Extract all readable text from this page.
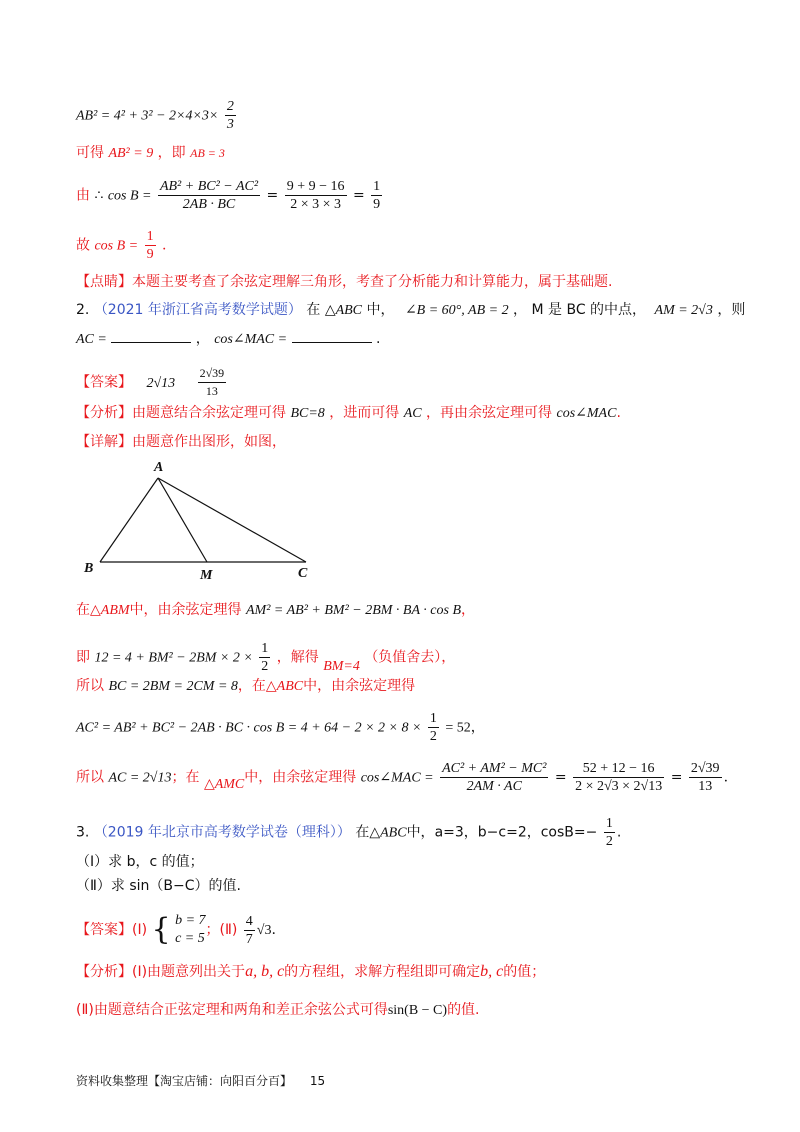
$AB^2 = 4^2 + 3^2 - 2\times 4\times 3\times \frac{2}{3}$
可得 AB² = 9 ，即 AB = 3
由 ∴ $\cos B = \frac{\text{AB² + BC² − AC²}}{2AB \cdot BC} = \frac{9 + 9 - 16}{2 \times 3 \times 3} = \frac{1}{9}$
故 $\cos B = \frac{1}{9}$ .
【点睛】本题主要考查了余弦定理解三角形，考查了分析能力和计算能力，属于基础题.
2. （2021 年浙江省高考数学试题） 在 △ABC 中， ∠B = 60°, AB = 2 ， M 是 BC 的中点， AM = 2√3 ，则
AC =	， cos∠MAC =	.
【答案】 $2√13 \frac{2√39}{13}$
【分析】由题意结合余弦定理可得 BC=8 ，进而可得 AC ，再由余弦定理可得 cos∠MAC.
【详解】由题意作出图形，如图，
A
B	M	C
在△ABM中，由余弦定理得 AM² = AB² + BM² − 2BM · BA · cos B，
即 $12 = 4 + BM^2 - 2BM \times 2 \times \frac{1}{2}$ ，解得 BM=4 （负值舍去），
所以 BC = 2BM = 2CM = 8，在△ABC中，由余弦定理得
AC² = AB² + BC² − 2AB · BC · $\cos B = 4 + 64 - 2 \times 2 \times 8 \times \frac{1}{2} = 52$，
所以 AC = 2√13；在 △AMC中，由余弦定理得 cos∠MAC = $\frac{\text{AC² + AM² − MC²}}{2AM \cdot AC} = \frac{52 + 12 - 16}{2 \times 2√3 \times 2√13} = \frac{2√39}{13}$ .
3. （2019 年北京市高考数学试卷（理科）） 在△ABC中，a=3，b−c=2，$\cos B=- \frac{1}{2}$ .
（Ⅰ）求 b，c 的值；
（Ⅱ）求 sin（B−C）的值.
【答案】(Ⅰ) { b = 7
c = 5
；(Ⅱ) $\frac{4}{7} √3$.
【分析】(Ⅰ)由题意列出关于a, b, c的方程组，求解方程组即可确定b, c的值；
(Ⅱ)由题意结合正弦定理和两角和差正余弦公式可得sin(B − C)的值.
资料收集整理【淘宝店铺：向阳百分百】 15
